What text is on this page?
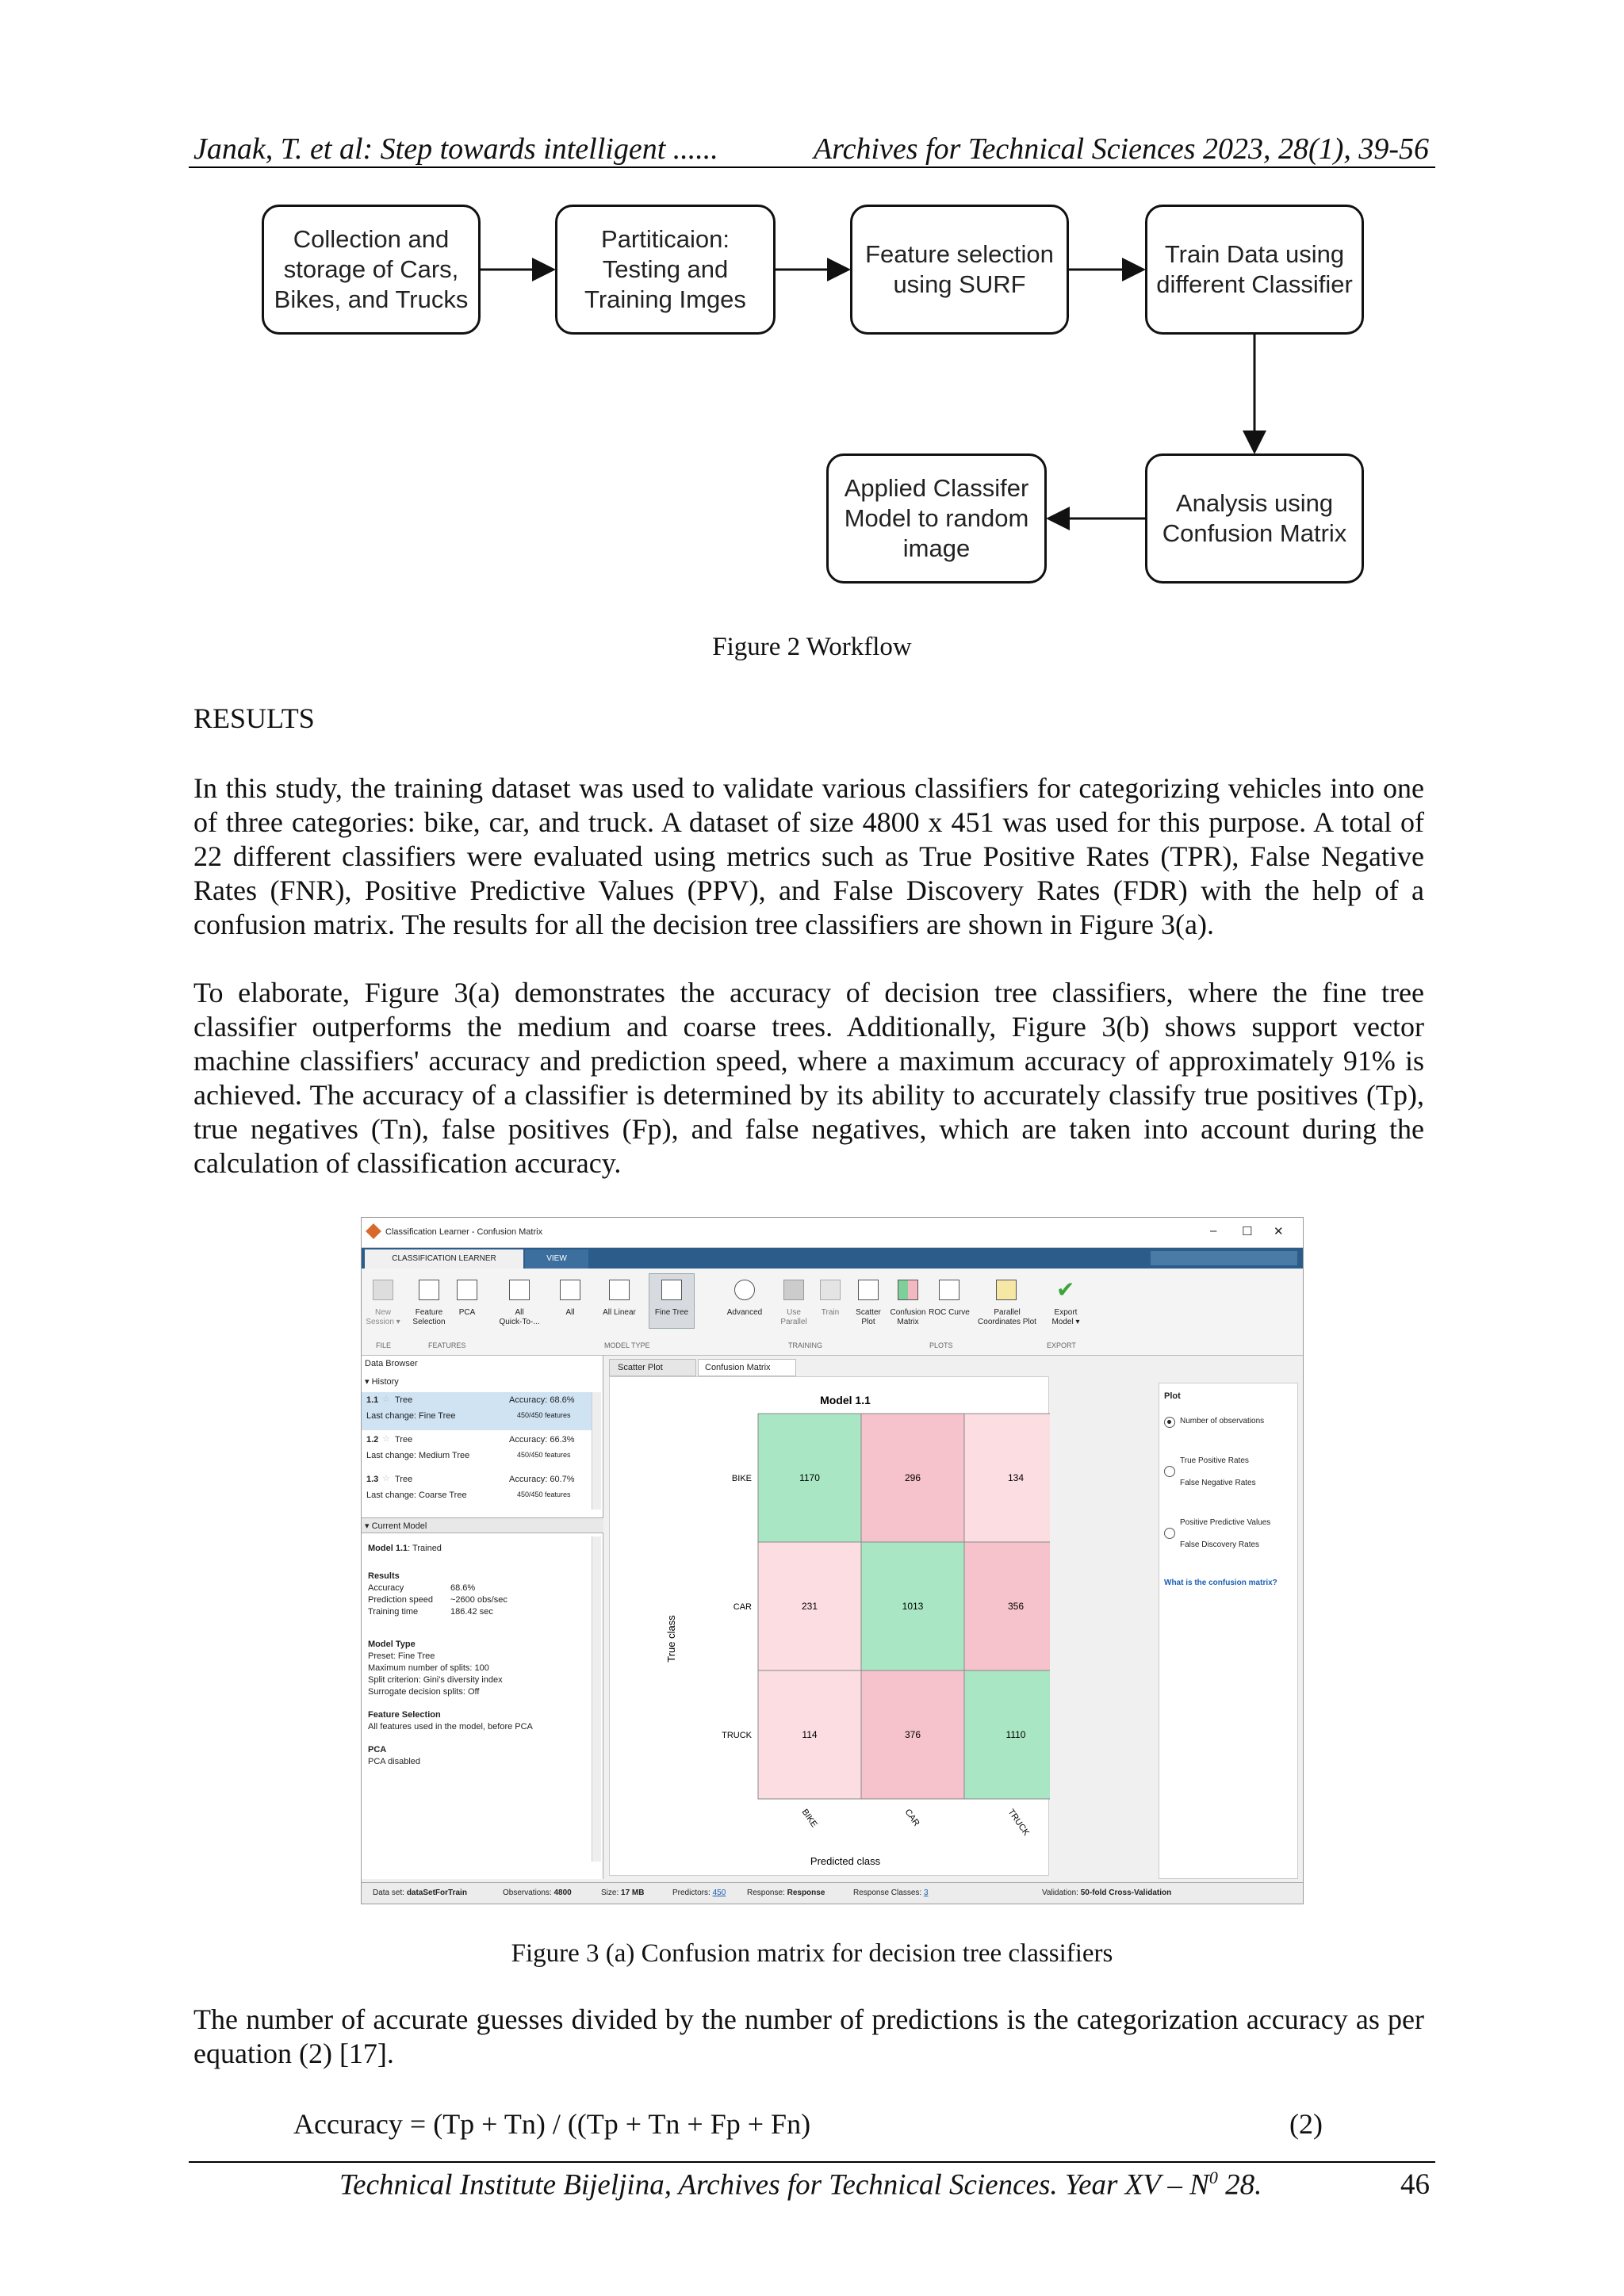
Janak, T. et al: Step towards intelligent ......	Archives for Technical Sciences 2023, 28(1), 39-56
Collection and storage of Cars, Bikes, and Trucks
Partiticaion: Testing and Training Imges
Feature selection using SURF
Train Data using different Classifier
Analysis using Confusion Matrix
Applied Classifer Model to random image
Figure 2 Workflow
RESULTS
In this study, the training dataset was used to validate various classifiers for categorizing vehicles into one of three categories: bike, car, and truck. A dataset of size 4800 x 451 was used for this purpose. A total of 22 different classifiers were evaluated using metrics such as True Positive Rates (TPR), False Negative Rates (FNR), Positive Predictive Values (PPV), and False Discovery Rates (FDR) with the help of a confusion matrix. The results for all the decision tree classifiers are shown in Figure 3(a).
To elaborate, Figure 3(a) demonstrates the accuracy of decision tree classifiers, where the fine tree classifier outperforms the medium and coarse trees. Additionally, Figure 3(b) shows support vector machine classifiers' accuracy and prediction speed, where a maximum accuracy of approximately 91% is achieved. The accuracy of a classifier is determined by its ability to accurately classify true positives (Tp), true negatives (Tn), false positives (Fp), and false negatives, which are taken into account during the calculation of classification accuracy.
Classification Learner - Confusion Matrix	– ☐ ✕
CLASSIFICATION LEARNER	VIEW
New
Session ▾
Feature
Selection
PCA	All
Quick-To-...
All	All Linear	Fine Tree	Advanced	Use
Parallel
Train	Scatter
Plot
Confusion
Matrix
ROC Curve	Parallel
Coordinates Plot
✔
Export
Model ▾
FILE	FEATURES	MODEL TYPE	TRAINING	PLOTS	EXPORT
Data Browser
▾ History
1.1 ☆ Tree	Accuracy: 68.6%
Last change: Fine Tree	450/450 features
1.2 ☆ Tree	Accuracy: 66.3%
Last change: Medium Tree	450/450 features
1.3 ☆ Tree	Accuracy: 60.7%
Last change: Coarse Tree	450/450 features
▾ Current Model
Model 1.1: Trained
Results
Accuracy	68.6%
Prediction speed ~2600 obs/sec
Training time	186.42 sec
Model Type
Preset: Fine Tree
Maximum number of splits: 100
Split criterion: Gini's diversity index
Surrogate decision splits: Off
Feature Selection
All features used in the model, before PCA
PCA
PCA disabled
Scatter Plot	Confusion Matrix
Model 1.1
True class
Predicted class
1170	296	134
231	1013	356
114	376	1110
BIKE
CAR
TRUCK
BIKE	CAR	TRUCK
Plot
Number of observations
True Positive Rates
False Negative Rates
Positive Predictive Values
False Discovery Rates
What is the confusion matrix?
Data set: dataSetForTrain	Observations: 4800	Size: 17 MB	Predictors: 450	Response: Response	Response Classes: 3	Validation: 50-fold Cross-Validation
Figure 3 (a) Confusion matrix for decision tree classifiers
The number of accurate guesses divided by the number of predictions is the categorization accuracy as per equation (2) [17].
Accuracy = (Tp + Tn) / ((Tp + Tn + Fp + Fn)	(2)
Technical Institute Bijeljina, Archives for Technical Sciences. Year XV – $N^0$ 28.	46
